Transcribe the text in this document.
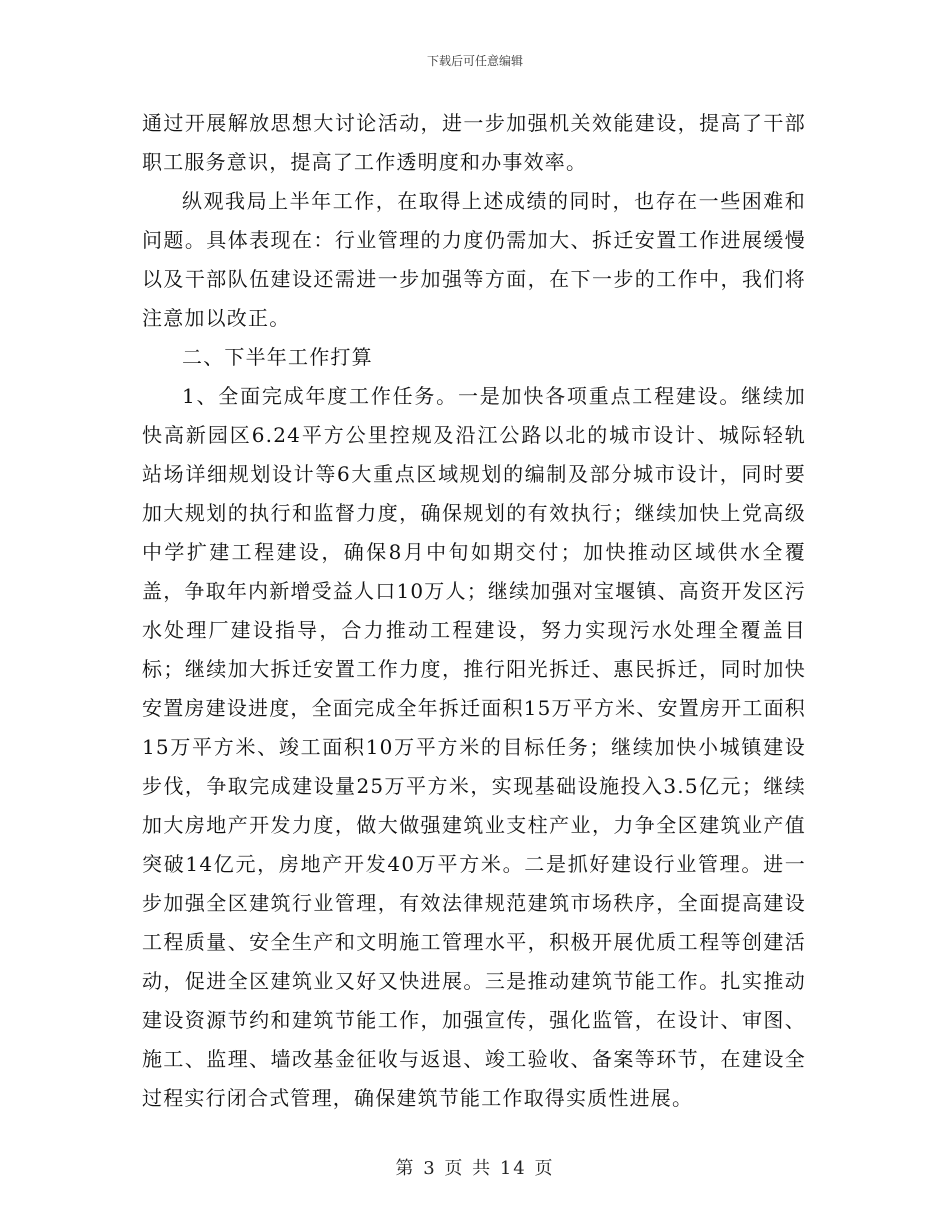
下载后可任意编辑

通过开展解放思想大讨论活动，进一步加强机关效能建设，提高了干部职工服务意识，提高了工作透明度和办事效率。

纵观我局上半年工作，在取得上述成绩的同时，也存在一些困难和问题。具体表现在：行业管理的力度仍需加大、拆迁安置工作进展缓慢以及干部队伍建设还需进一步加强等方面，在下一步的工作中，我们将注意加以改正。

二、下半年工作打算

1、全面完成年度工作任务。一是加快各项重点工程建设。继续加快高新园区6.24平方公里控规及沿江公路以北的城市设计、城际轻轨站场详细规划设计等6大重点区域规划的编制及部分城市设计，同时要加大规划的执行和监督力度，确保规划的有效执行；继续加快上党高级中学扩建工程建设，确保8月中旬如期交付；加快推动区域供水全覆盖，争取年内新增受益人口10万人；继续加强对宝堰镇、高资开发区污水处理厂建设指导，合力推动工程建设，努力实现污水处理全覆盖目标；继续加大拆迁安置工作力度，推行阳光拆迁、惠民拆迁，同时加快安置房建设进度，全面完成全年拆迁面积15万平方米、安置房开工面积15万平方米、竣工面积10万平方米的目标任务；继续加快小城镇建设步伐，争取完成建设量25万平方米，实现基础设施投入3.5亿元；继续加大房地产开发力度，做大做强建筑业支柱产业，力争全区建筑业产值突破14亿元，房地产开发40万平方米。二是抓好建设行业管理。进一步加强全区建筑行业管理，有效法律规范建筑市场秩序，全面提高建设工程质量、安全生产和文明施工管理水平，积极开展优质工程等创建活动，促进全区建筑业又好又快进展。三是推动建筑节能工作。扎实推动建设资源节约和建筑节能工作，加强宣传，强化监管，在设计、审图、施工、监理、墙改基金征收与返退、竣工验收、备案等环节，在建设全过程实行闭合式管理，确保建筑节能工作取得实质性进展。

第 3 页 共 14 页
